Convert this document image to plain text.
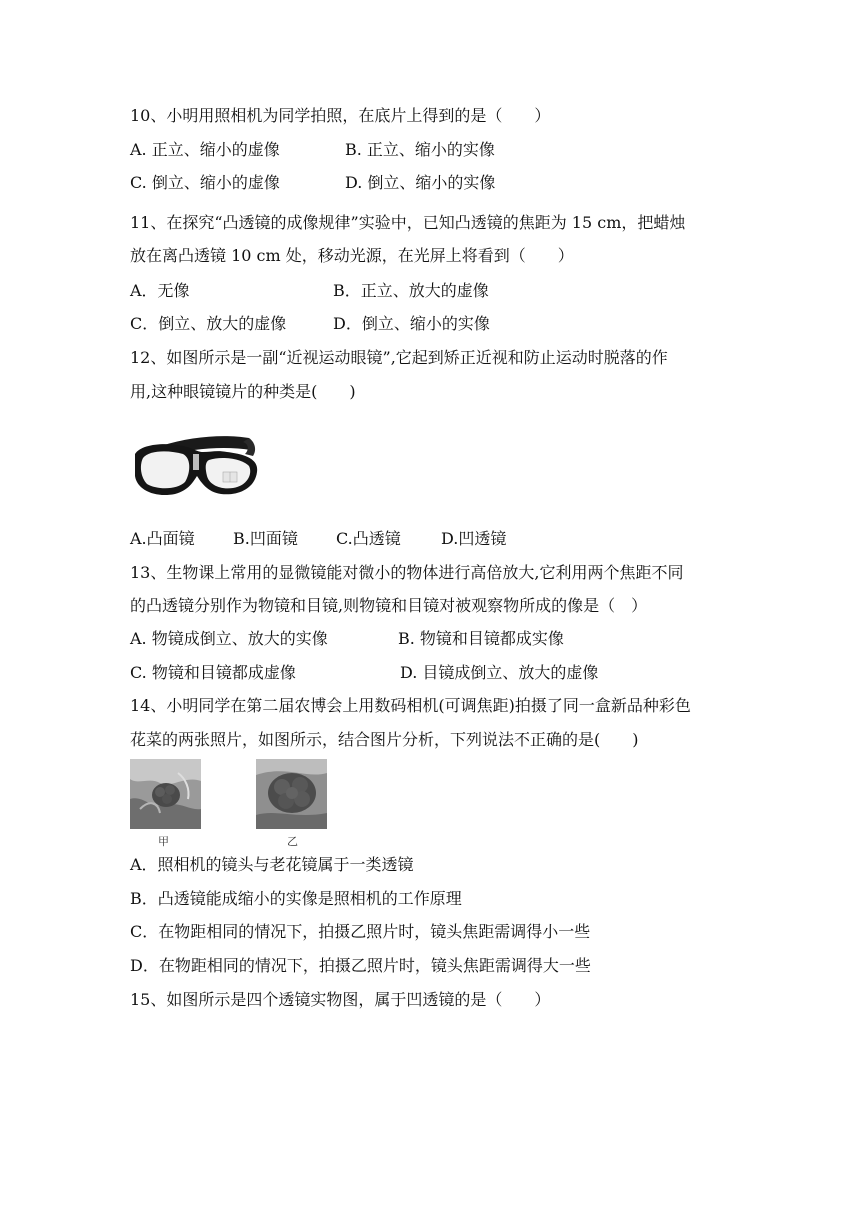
10、小明用照相机为同学拍照，在底片上得到的是（　　）
A. 正立、缩小的虚像	B. 正立、缩小的实像
C. 倒立、缩小的虚像	D. 倒立、缩小的实像
11、在探究“凸透镜的成像规律”实验中，已知凸透镜的焦距为 15 cm，把蜡烛
放在离凸透镜 10 cm 处，移动光源，在光屏上将看到（　　）
A．无像	B．正立、放大的虚像
C．倒立、放大的虚像	D．倒立、缩小的实像
12、如图所示是一副“近视运动眼镜”,它起到矫正近视和防止运动时脱落的作
用,这种眼镜镜片的种类是(　　)
A.凸面镜 B.凹面镜 C.凸透镜	D.凹透镜
13、生物课上常用的显微镜能对微小的物体进行高倍放大,它利用两个焦距不同
的凸透镜分别作为物镜和目镜,则物镜和目镜对被观察物所成的像是（　）
A. 物镜成倒立、放大的实像	B. 物镜和目镜都成实像
C. 物镜和目镜都成虚像	D. 目镜成倒立、放大的虚像
14、小明同学在第二届农博会上用数码相机(可调焦距)拍摄了同一盒新品种彩色
花菜的两张照片，如图所示，结合图片分析，下列说法不正确的是(　　)
甲	乙
A．照相机的镜头与老花镜属于一类透镜
B．凸透镜能成缩小的实像是照相机的工作原理
C．在物距相同的情况下，拍摄乙照片时，镜头焦距需调得小一些
D．在物距相同的情况下，拍摄乙照片时，镜头焦距需调得大一些
15、如图所示是四个透镜实物图，属于凹透镜的是（　　）
